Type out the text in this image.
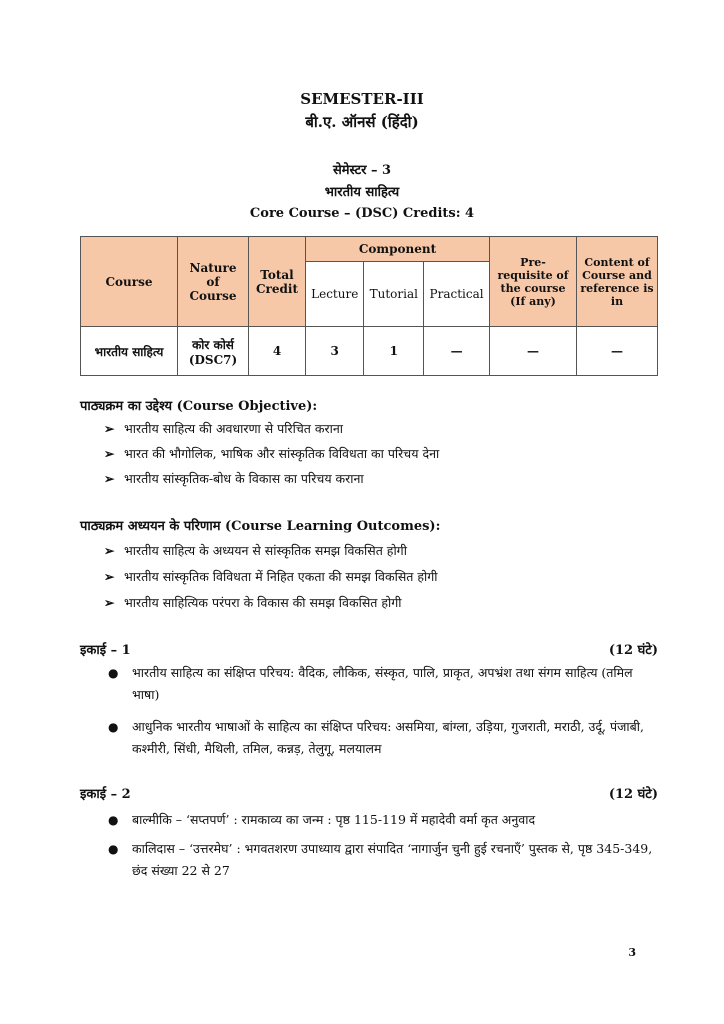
SEMESTER-III
बी.ए. ऑनर्स (हिंदी)
सेमेस्टर – 3
भारतीय साहित्य
Core Course – (DSC) Credits: 4
Course	Nature of Course	Total Credit	Component			Pre-requisite of the course (If any)	Content of Course and reference is in
			Lecture	Tutorial	Practical		
भारतीय साहित्य	कोर कोर्स (DSC7)	4	3	1	—	—	—
पाठ्यक्रम का उद्देश्य (Course Objective):
➢ भारतीय साहित्य की अवधारणा से परिचित कराना
➢ भारत की भौगोलिक, भाषिक और सांस्कृतिक विविधता का परिचय देना
➢ भारतीय सांस्कृतिक-बोध के विकास का परिचय कराना
पाठ्यक्रम अध्ययन के परिणाम (Course Learning Outcomes):
➢ भारतीय साहित्य के अध्ययन से सांस्कृतिक समझ विकसित होगी
➢ भारतीय सांस्कृतिक विविधता में निहित एकता की समझ विकसित होगी
➢ भारतीय साहित्यिक परंपरा के विकास की समझ विकसित होगी
इकाई – 1	(12 घंटे)
● भारतीय साहित्य का संक्षिप्त परिचय: वैदिक, लौकिक, संस्कृत, पालि, प्राकृत, अपभ्रंश तथा संगम साहित्य (तमिल भाषा)
● आधुनिक भारतीय भाषाओं के साहित्य का संक्षिप्त परिचय: असमिया, बांग्ला, उड़िया, गुजराती, मराठी, उर्दू, पंजाबी, कश्मीरी, सिंधी, मैथिली, तमिल, कन्नड़, तेलुगू, मलयालम
इकाई – 2	(12 घंटे)
● बाल्मीकि – ‘सप्तपर्ण’ : रामकाव्य का जन्म : पृष्ठ 115-119 में महादेवी वर्मा कृत अनुवाद
● कालिदास – ‘उत्तरमेघ’ : भगवतशरण उपाध्याय द्वारा संपादित ‘नागार्जुन चुनी हुई रचनाएँ’ पुस्तक से, पृष्ठ 345-349, छंद संख्या 22 से 27
3
